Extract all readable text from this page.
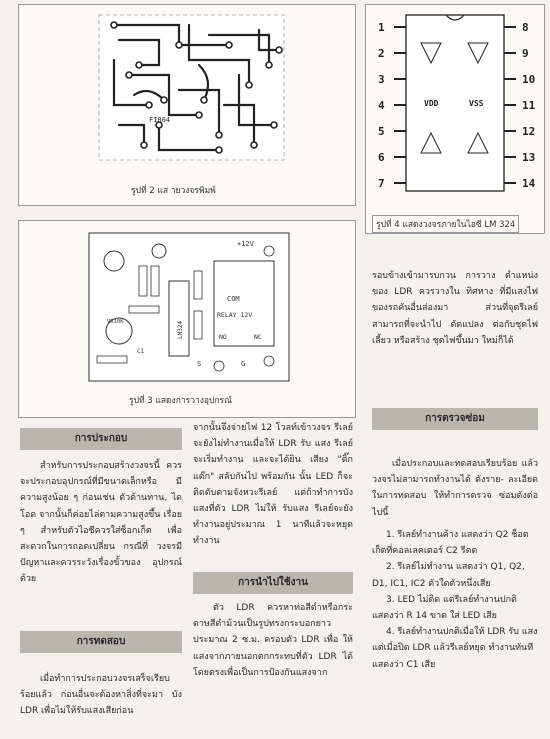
FI004
รูปที่ 2 แส ายวงจรพิมพ์
1
2
3
4
5
6
7
8
9
10
11
12
13
14
VDD	VSS
รูปที่ 4 แสดงวงจรภายในไอซี LM 324
COM
RELAY 12V
NO	NC
LM324
VR10K
C1
+12V
G
S
รูปที่ 3 แสดงการวางอุปกรณ์
การประกอบ

สำหรับการประกอบสร้างวงจรนี้ ควรจะประกอบอุปกรณ์ที่มีขนาดเล็กหรือ มีความสูงน้อย ๆ ก่อนเช่น ตัวต้านทาน, ไดโอด จากนั้นก็ค่อยไล่ตามความสูงขึ้น เรื่อย ๆ สำหรับตัวไอซีควรใส่ซ็อกเก็ต เพื่อสะดวกในการถอดเปลี่ยน กรณีที่ วงจรมีปัญหาและควรระวังเรื่องขั้วของ อุปกรณ์ด้วย

การทดสอบ

เมื่อทำการประกอบวงจรเสร็จเรียบ ร้อยแล้ว ก่อนอื่นจะต้องหาสิ่งที่จะมา บัง LDR เพื่อไม่ให้รับแสงเสียก่อน

จากนั้นจึงจ่ายไฟ 12 โวลท์เข้าวงจร รีเลย์จะยังไม่ทำงานเมื่อให้ LDR รับ แสง รีเลย์จะเริ่มทำงาน และจะได้ยิน เสียง "ติ๊กแต๊ก" สลับกันไป พร้อมกัน นั้น LED ก็จะติดดับตามจังหวะรีเลย์ แต่ถ้าทำการบังแสงที่ตัว LDR ไม่ให้ รับแสง รีเลย์จะยังทำงานอยู่ประมาณ 1 นาทีแล้วจะหยุดทำงาน

การนำไปใช้งาน

ตัว LDR ควรหาท่อสีดำหรือกระ ดาษสีดำม้วนเป็นรูปทรงกระบอกยาว ประมาณ 2 ซ.ม. ครอบตัว LDR เพื่อ ให้แสงจากภายนอกตกกระทบที่ตัว LDR ได้โดยตรงเพื่อเป็นการป้องกันแสงจาก

รอบข้างเข้ามารบกวน การวาง ตำแหน่งของ LDR ควรวางใน ทิศทาง ที่มีแสงไฟของรถคันอื่นส่องมา ส่วนที่จุดรีเลย์ สามารถที่จะนำไป ดัดแปลง ต่อกับชุดไฟเลี้ยว หรือสร้าง ชุดไฟขึ้นมา ใหม่ก็ได้

การตรวจซ่อม

เมื่อประกอบและทดสอบเรียบร้อย แล้ววงจรไม่สามารถทำงานได้ ดังราย- ละเอียดในการทดสอบ ให้ทำการตรวจ ซ่อมดังต่อไปนี้

1. รีเลย์ทำงานค้าง แสดงว่า Q2 ช็อตเก็ตที่คอลเลคเตอร์ C2 รีดต
2. รีเลย์ไม่ทำงาน แสดงว่า Q1, Q2, D1, IC1, IC2 ตัวใดตัวหนึ่งเสีย
3. LED ไม่ติด แต่รีเลย์ทำงานปกติ แสดงว่า R 14 ขาด ใส่ LED เสีย
4. รีเลย์ทำงานปกติเมื่อให้ LDR รับ แสง แต่เมื่อปิด LDR แล้วรีเลย์หยุด ทำงานทันทีแสดงว่า C1 เสีย
